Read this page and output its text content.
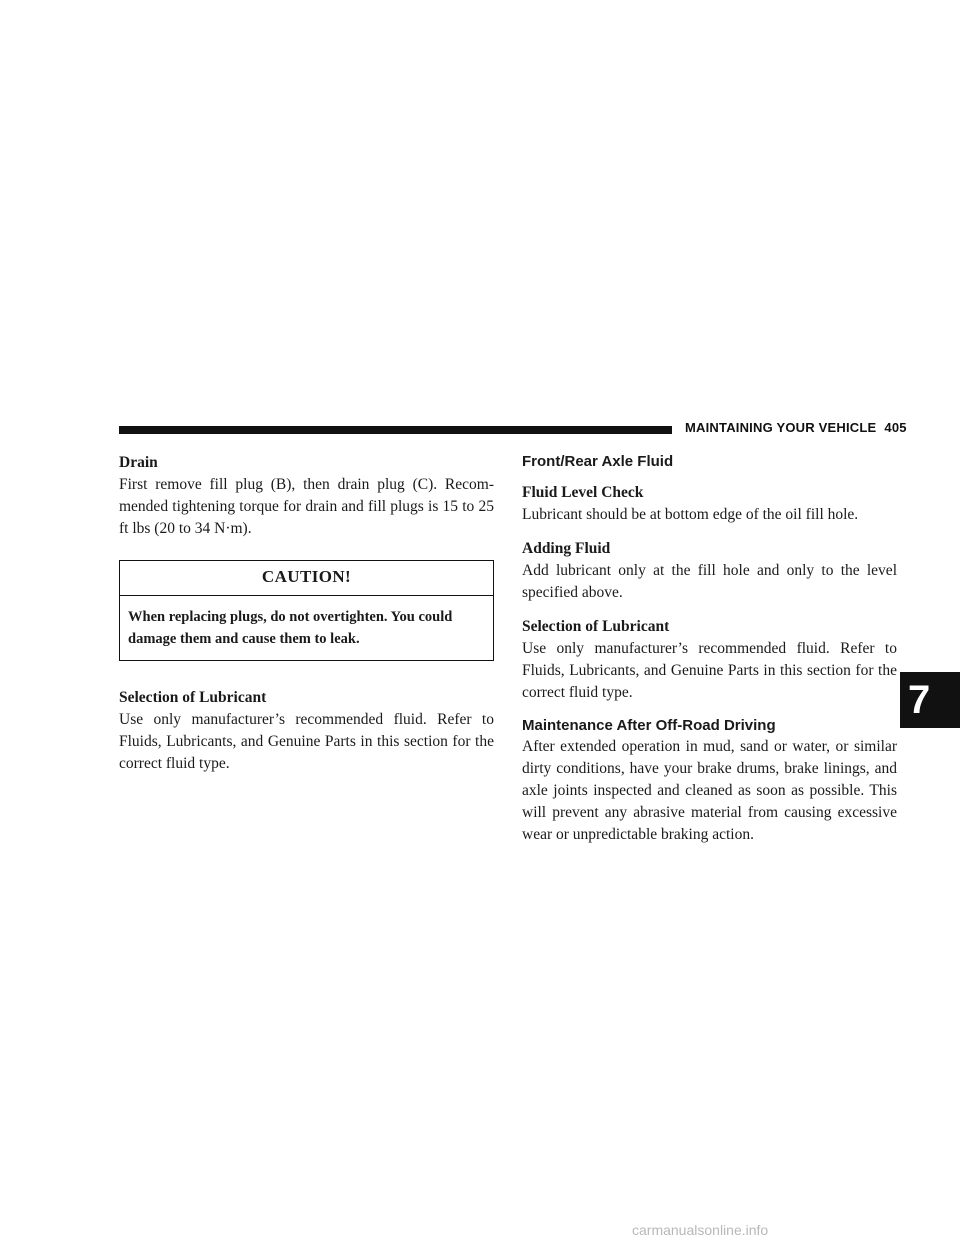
MAINTAINING YOUR VEHICLE 405

Drain

First remove fill plug (B), then drain plug (C). Recom-mended tightening torque for drain and fill plugs is 15 to 25 ft lbs (20 to 34 N·m).

CAUTION!
When replacing plugs, do not overtighten. You could damage them and cause them to leak.

Selection of Lubricant

Use only manufacturer’s recommended fluid. Refer to Fluids, Lubricants, and Genuine Parts in this section for the correct fluid type.

Front/Rear Axle Fluid

Fluid Level Check

Lubricant should be at bottom edge of the oil fill hole.

Adding Fluid

Add lubricant only at the fill hole and only to the level specified above.

Selection of Lubricant

Use only manufacturer’s recommended fluid. Refer to Fluids, Lubricants, and Genuine Parts in this section for the correct fluid type.

Maintenance After Off-Road Driving

After extended operation in mud, sand or water, or similar dirty conditions, have your brake drums, brake linings, and axle joints inspected and cleaned as soon as possible. This will prevent any abrasive material from causing excessive wear or unpredictable braking action.

7
carmanualsonline.info
